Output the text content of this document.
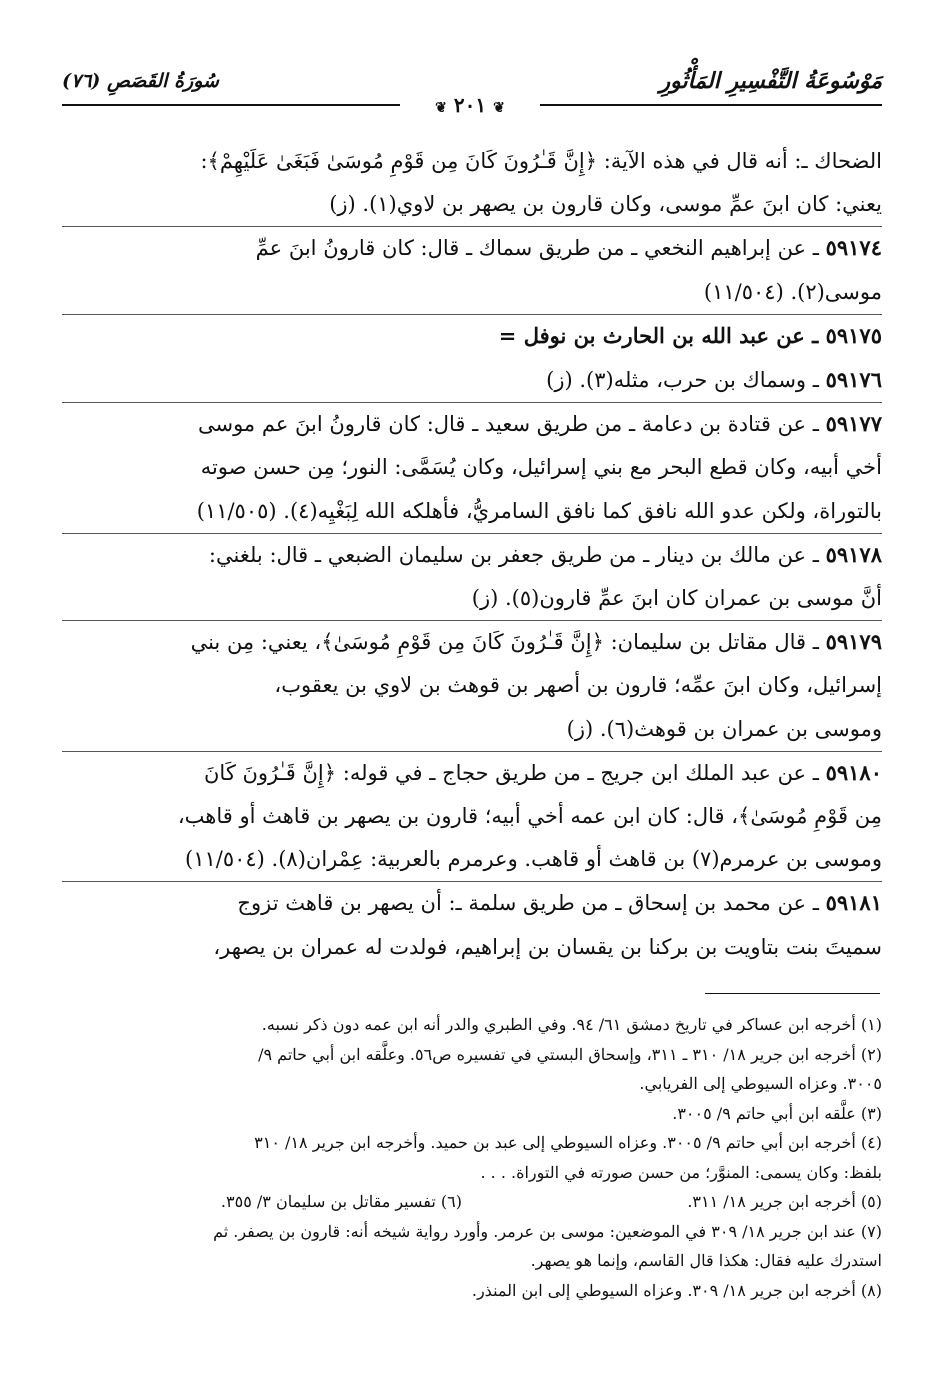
مَوْسُوعَةُ التَّفْسِيرِ المَأْثُورِ
سُورَةُ القَصَصِ (٧٦)
❦ ٢٠١ ❦

الضحاك ـ: أنه قال في هذه الآية: ﴿إِنَّ قَـٰرُونَ كَانَ مِن قَوْمِ مُوسَىٰ فَبَغَىٰ عَلَيْهِمْ﴾:

يعني: كان ابنَ عمِّ موسى، وكان قارون بن يصهر بن لاوي(١). (ز)

٥٩١٧٤ ـ عن إبراهيم النخعي ـ من طريق سماك ـ قال: كان قارونُ ابنَ عمِّ

موسى(٢). (١١/٥٠٤)

٥٩١٧٥ ـ عن عبد الله بن الحارث بن نوفل =

٥٩١٧٦ ـ وسماك بن حرب، مثله(٣). (ز)

٥٩١٧٧ ـ عن قتادة بن دعامة ـ من طريق سعيد ـ قال: كان قارونُ ابنَ عم موسى

أخي أبيه، وكان قطع البحر مع بني إسرائيل، وكان يُسَمَّى: النور؛ مِن حسن صوته

بالتوراة، ولكن عدو الله نافق كما نافق السامريُّ، فأهلكه الله لِبَغْيِه(٤). (١١/٥٠٥)

٥٩١٧٨ ـ عن مالك بن دينار ـ من طريق جعفر بن سليمان الضبعي ـ قال: بلغني:

أنَّ موسى بن عمران كان ابنَ عمِّ قارون(٥). (ز)

٥٩١٧٩ ـ قال مقاتل بن سليمان: ﴿إِنَّ قَـٰرُونَ كَانَ مِن قَوْمِ مُوسَىٰ﴾، يعني: مِن بني

إسرائيل، وكان ابنَ عمِّه؛ قارون بن أصهر بن قوهث بن لاوي بن يعقوب،

وموسى بن عمران بن قوهث(٦). (ز)

٥٩١٨٠ ـ عن عبد الملك ابن جريج ـ من طريق حجاج ـ في قوله: ﴿إِنَّ قَـٰرُونَ كَانَ

مِن قَوْمِ مُوسَىٰ﴾، قال: كان ابن عمه أخي أبيه؛ قارون بن يصهر بن قاهث أو قاهب،

وموسى بن عرمرم(٧) بن قاهث أو قاهب. وعرمرم بالعربية: عِمْران(٨). (١١/٥٠٤)

٥٩١٨١ ـ عن محمد بن إسحاق ـ من طريق سلمة ـ: أن يصهر بن قاهث تزوج

سميتَ بنت بتاويت بن بركنا بن يقسان بن إبراهيم، فولدت له عمران بن يصهر،

(١) أخرجه ابن عساكر في تاريخ دمشق ٦١/ ٩٤. وفي الطبري والدر أنه ابن عمه دون ذكر نسبه.

(٢) أخرجه ابن جرير ١٨/ ٣١٠ ـ ٣١١، وإسحاق البستي في تفسيره ص٥٦. وعلَّقه ابن أبي حاتم ٩/

٣٠٠٥. وعزاه السيوطي إلى الفريابي.

(٣) علَّقه ابن أبي حاتم ٩/ ٣٠٠٥.

(٤) أخرجه ابن أبي حاتم ٩/ ٣٠٠٥. وعزاه السيوطي إلى عبد بن حميد. وأخرجه ابن جرير ١٨/ ٣١٠

بلفظ: وكان يسمى: المنوَّر؛ من حسن صورته في التوراة. . . .

(٥) أخرجه ابن جرير ١٨/ ٣١١.
(٦) تفسير مقاتل بن سليمان ٣/ ٣٥٥.

(٧) عند ابن جرير ١٨/ ٣٠٩ في الموضعين: موسى بن عرمر. وأورد رواية شيخه أنه: قارون بن يصفر. ثم

استدرك عليه فقال: هكذا قال القاسم، وإنما هو يصهر.

(٨) أخرجه ابن جرير ١٨/ ٣٠٩. وعزاه السيوطي إلى ابن المنذر.
